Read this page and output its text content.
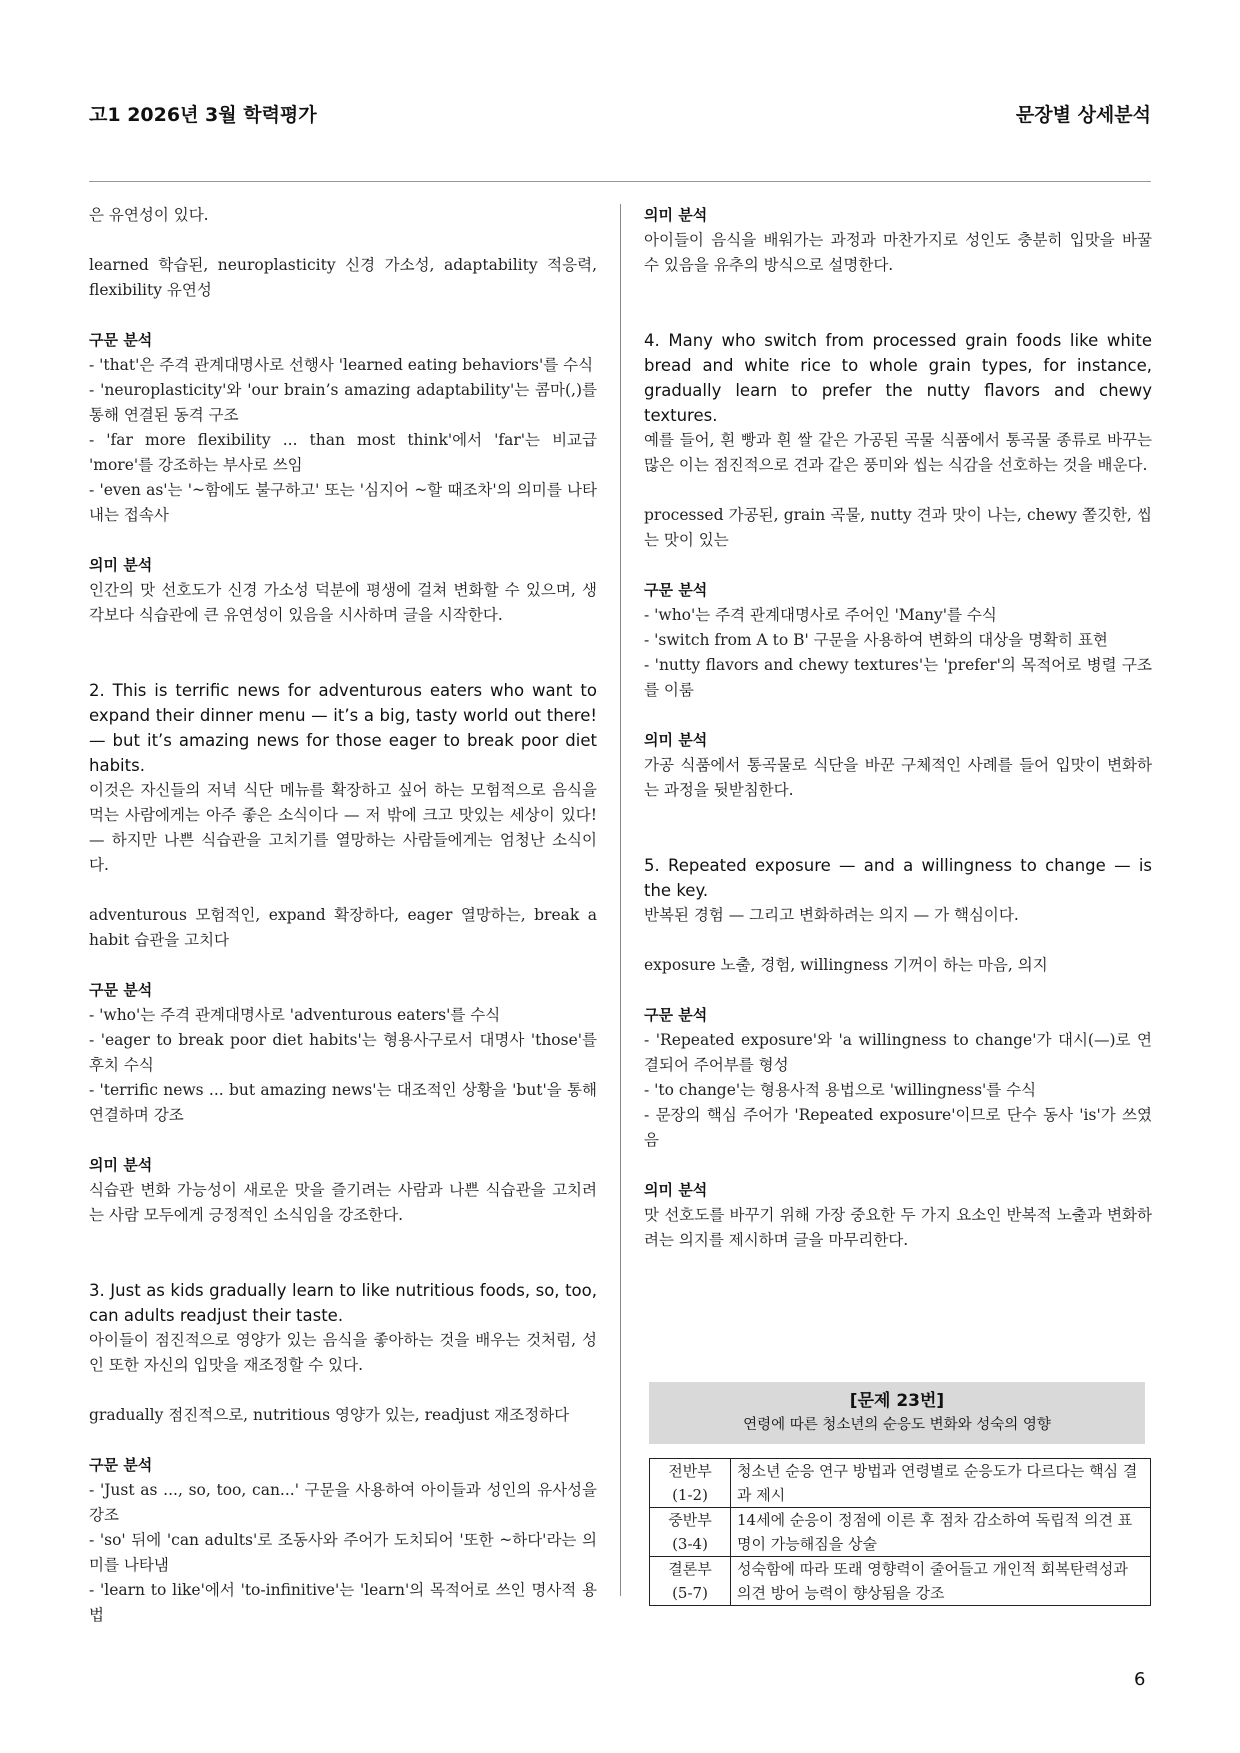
고1 2026년 3월 학력평가	문장별 상세분석

은 유연성이 있다.

learned 학습된, neuroplasticity 신경 가소성, adaptability 적응력, flexibility 유연성

구문 분석

- 'that'은 주격 관계대명사로 선행사 'learned eating behaviors'를 수식

- 'neuroplasticity'와 'our brain’s amazing adaptability'는 콤마(,)를 통해 연결된 동격 구조

- 'far more flexibility ... than most think'에서 'far'는 비교급 'more'를 강조하는 부사로 쓰임

- 'even as'는 '~함에도 불구하고' 또는 '심지어 ~할 때조차'의 의미를 나타내는 접속사

의미 분석

인간의 맛 선호도가 신경 가소성 덕분에 평생에 걸쳐 변화할 수 있으며, 생각보다 식습관에 큰 유연성이 있음을 시사하며 글을 시작한다.

2. This is terrific news for adventurous eaters who want to expand their dinner menu — it’s a big, tasty world out there! — but it’s amazing news for those eager to break poor diet habits.

이것은 자신들의 저녁 식단 메뉴를 확장하고 싶어 하는 모험적으로 음식을 먹는 사람에게는 아주 좋은 소식이다 — 저 밖에 크고 맛있는 세상이 있다! — 하지만 나쁜 식습관을 고치기를 열망하는 사람들에게는 엄청난 소식이다.

adventurous 모험적인, expand 확장하다, eager 열망하는, break a habit 습관을 고치다

구문 분석

- 'who'는 주격 관계대명사로 'adventurous eaters'를 수식

- 'eager to break poor diet habits'는 형용사구로서 대명사 'those'를 후치 수식

- 'terrific news ... but amazing news'는 대조적인 상황을 'but'을 통해 연결하며 강조

의미 분석

식습관 변화 가능성이 새로운 맛을 즐기려는 사람과 나쁜 식습관을 고치려는 사람 모두에게 긍정적인 소식임을 강조한다.

3. Just as kids gradually learn to like nutritious foods, so, too, can adults readjust their taste.

아이들이 점진적으로 영양가 있는 음식을 좋아하는 것을 배우는 것처럼, 성인 또한 자신의 입맛을 재조정할 수 있다.

gradually 점진적으로, nutritious 영양가 있는, readjust 재조정하다

구문 분석

- 'Just as ..., so, too, can...' 구문을 사용하여 아이들과 성인의 유사성을 강조

- 'so' 뒤에 'can adults'로 조동사와 주어가 도치되어 '또한 ~하다'라는 의미를 나타냄

- 'learn to like'에서 'to-infinitive'는 'learn'의 목적어로 쓰인 명사적 용법

의미 분석

아이들이 음식을 배워가는 과정과 마찬가지로 성인도 충분히 입맛을 바꿀 수 있음을 유추의 방식으로 설명한다.

4. Many who switch from processed grain foods like white bread and white rice to whole grain types, for instance, gradually learn to prefer the nutty flavors and chewy textures.

예를 들어, 흰 빵과 흰 쌀 같은 가공된 곡물 식품에서 통곡물 종류로 바꾸는 많은 이는 점진적으로 견과 같은 풍미와 씹는 식감을 선호하는 것을 배운다.

processed 가공된, grain 곡물, nutty 견과 맛이 나는, chewy 쫄깃한, 씹는 맛이 있는

구문 분석

- 'who'는 주격 관계대명사로 주어인 'Many'를 수식

- 'switch from A to B' 구문을 사용하여 변화의 대상을 명확히 표현

- 'nutty flavors and chewy textures'는 'prefer'의 목적어로 병렬 구조를 이룸

의미 분석

가공 식품에서 통곡물로 식단을 바꾼 구체적인 사례를 들어 입맛이 변화하는 과정을 뒷받침한다.

5. Repeated exposure — and a willingness to change — is the key.

반복된 경험 — 그리고 변화하려는 의지 — 가 핵심이다.

exposure 노출, 경험, willingness 기꺼이 하는 마음, 의지

구문 분석

- 'Repeated exposure'와 'a willingness to change'가 대시(—)로 연결되어 주어부를 형성

- 'to change'는 형용사적 용법으로 'willingness'를 수식

- 문장의 핵심 주어가 'Repeated exposure'이므로 단수 동사 'is'가 쓰였음

의미 분석

맛 선호도를 바꾸기 위해 가장 중요한 두 가지 요소인 반복적 노출과 변화하려는 의지를 제시하며 글을 마무리한다.

[문제 23번]
연령에 따른 청소년의 순응도 변화와 성숙의 영향
전반부
(1-2)	청소년 순응 연구 방법과 연령별로 순응도가 다르다는 핵심 결과 제시

중반부
(3-4)	14세에 순응이 정점에 이른 후 점차 감소하여 독립적 의견 표명이 가능해짐을 상술

결론부
(5-7)	성숙함에 따라 또래 영향력이 줄어들고 개인적 회복탄력성과 의견 방어 능력이 향상됨을 강조
6
